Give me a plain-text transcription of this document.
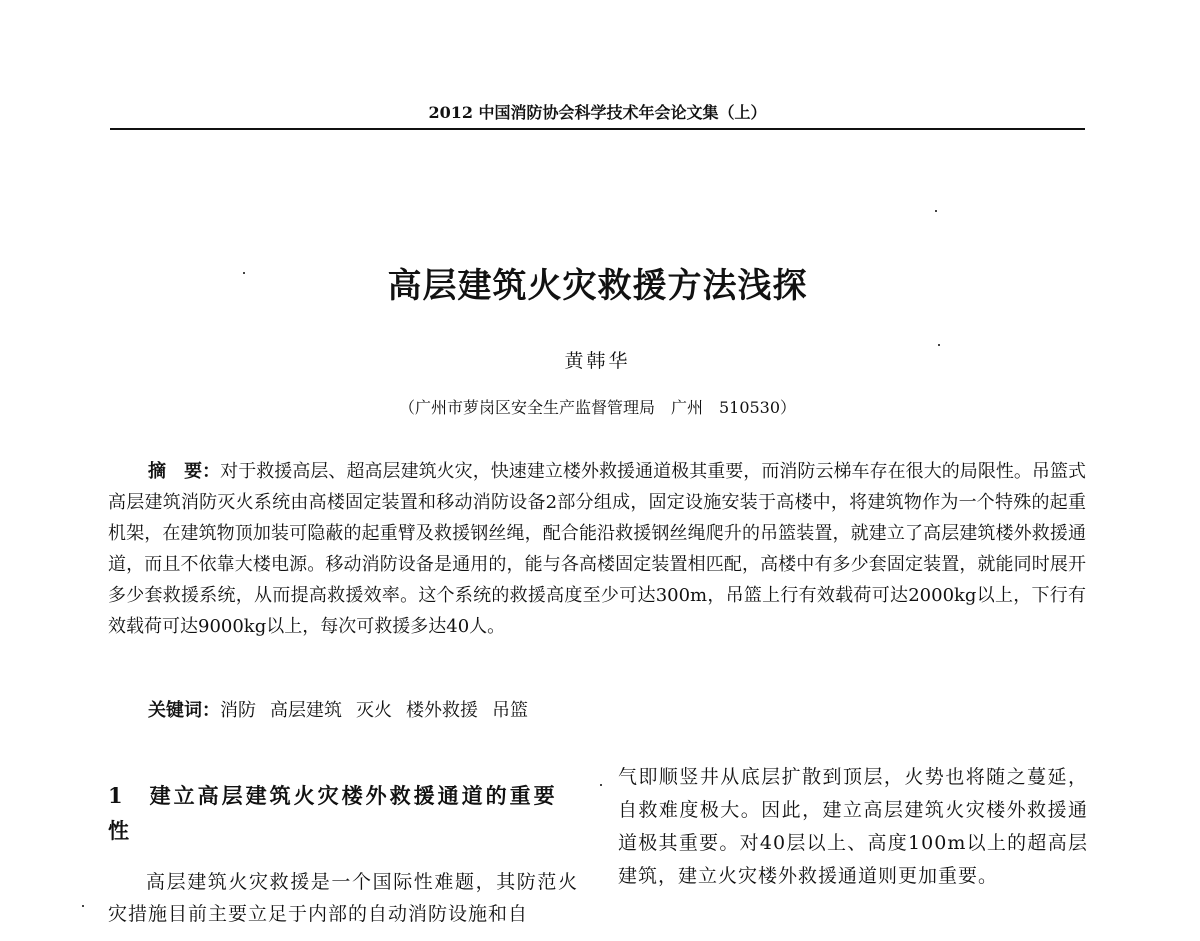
2012 中国消防协会科学技术年会论文集（上）
高层建筑火灾救援方法浅探
黄韩华
（广州市萝岗区安全生产监督管理局　广州　510530）

摘　要：对于救援高层、超高层建筑火灾，快速建立楼外救援通道极其重要，而消防云梯车存在很大的局限性。吊篮式高层建筑消防灭火系统由高楼固定装置和移动消防设备2部分组成，固定设施安装于高楼中，将建筑物作为一个特殊的起重机架，在建筑物顶加装可隐蔽的起重臂及救援钢丝绳，配合能沿救援钢丝绳爬升的吊篮装置，就建立了高层建筑楼外救援通道，而且不依靠大楼电源。移动消防设备是通用的，能与各高楼固定装置相匹配，高楼中有多少套固定装置，就能同时展开多少套救援系统，从而提高救援效率。这个系统的救援高度至少可达300m，吊篮上行有效载荷可达2000kg以上，下行有效载荷可达9000kg以上，每次可救援多达40人。

关键词：消防 高层建筑 灭火 楼外救援 吊篮
1　建立高层建筑火灾楼外救援通道的重要性
高层建筑火灾救援是一个国际性难题，其防范火灾措施目前主要立足于内部的自动消防设施和自
气即顺竖井从底层扩散到顶层，火势也将随之蔓延，自救难度极大。因此，建立高层建筑火灾楼外救援通道极其重要。对40层以上、高度100m以上的超高层建筑，建立火灾楼外救援通道则更加重要。
